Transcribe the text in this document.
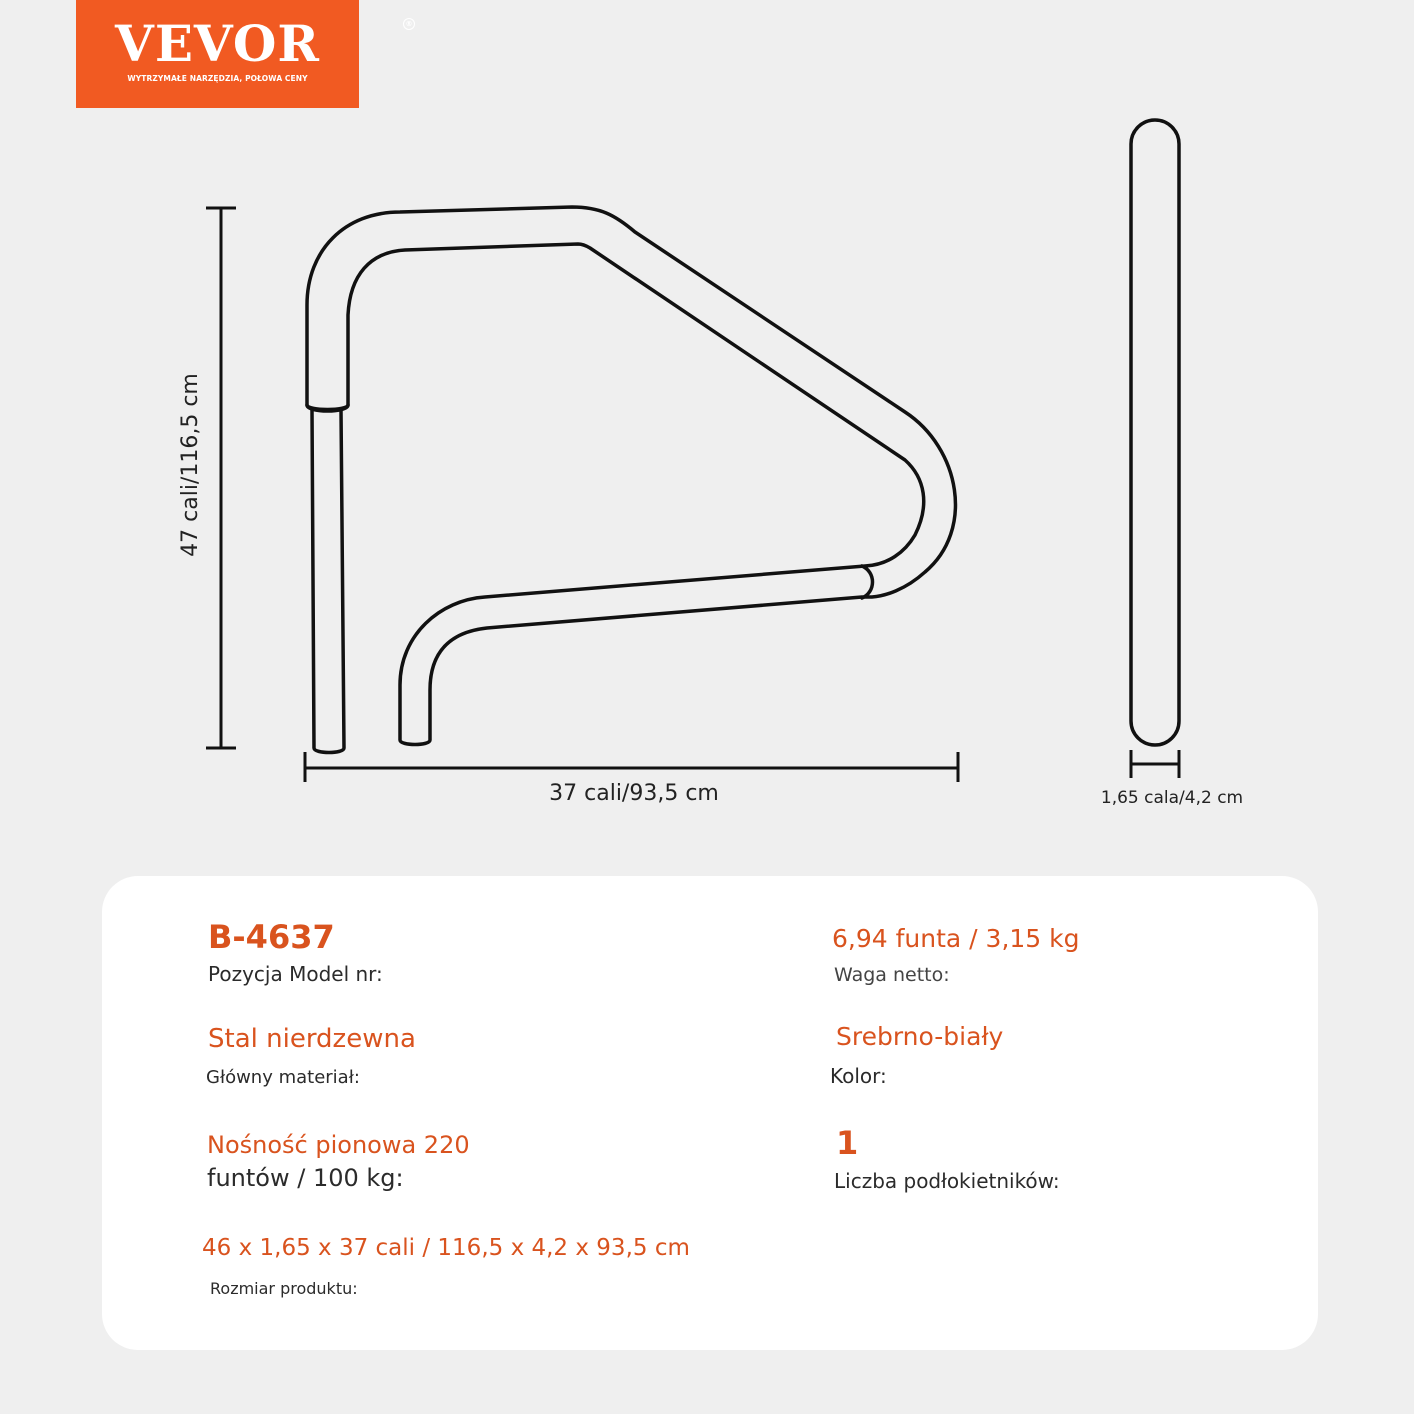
VEVOR	®
WYTRZYMAŁE NARZĘDZIA, POŁOWA CENY
47 cali/116,5 cm
37 cali/93,5 cm	1,65 cala/4,2 cm
B-4637
Pozycja Model nr:
6,94 funta / 3,15 kg
Waga netto:
Stal nierdzewna
Główny materiał:
Srebrno-biały
Kolor:
Nośność pionowa 220
funtów / 100 kg:
1
Liczba podłokietników:
46 x 1,65 x 37 cali / 116,5 x 4,2 x 93,5 cm
Rozmiar produktu:
